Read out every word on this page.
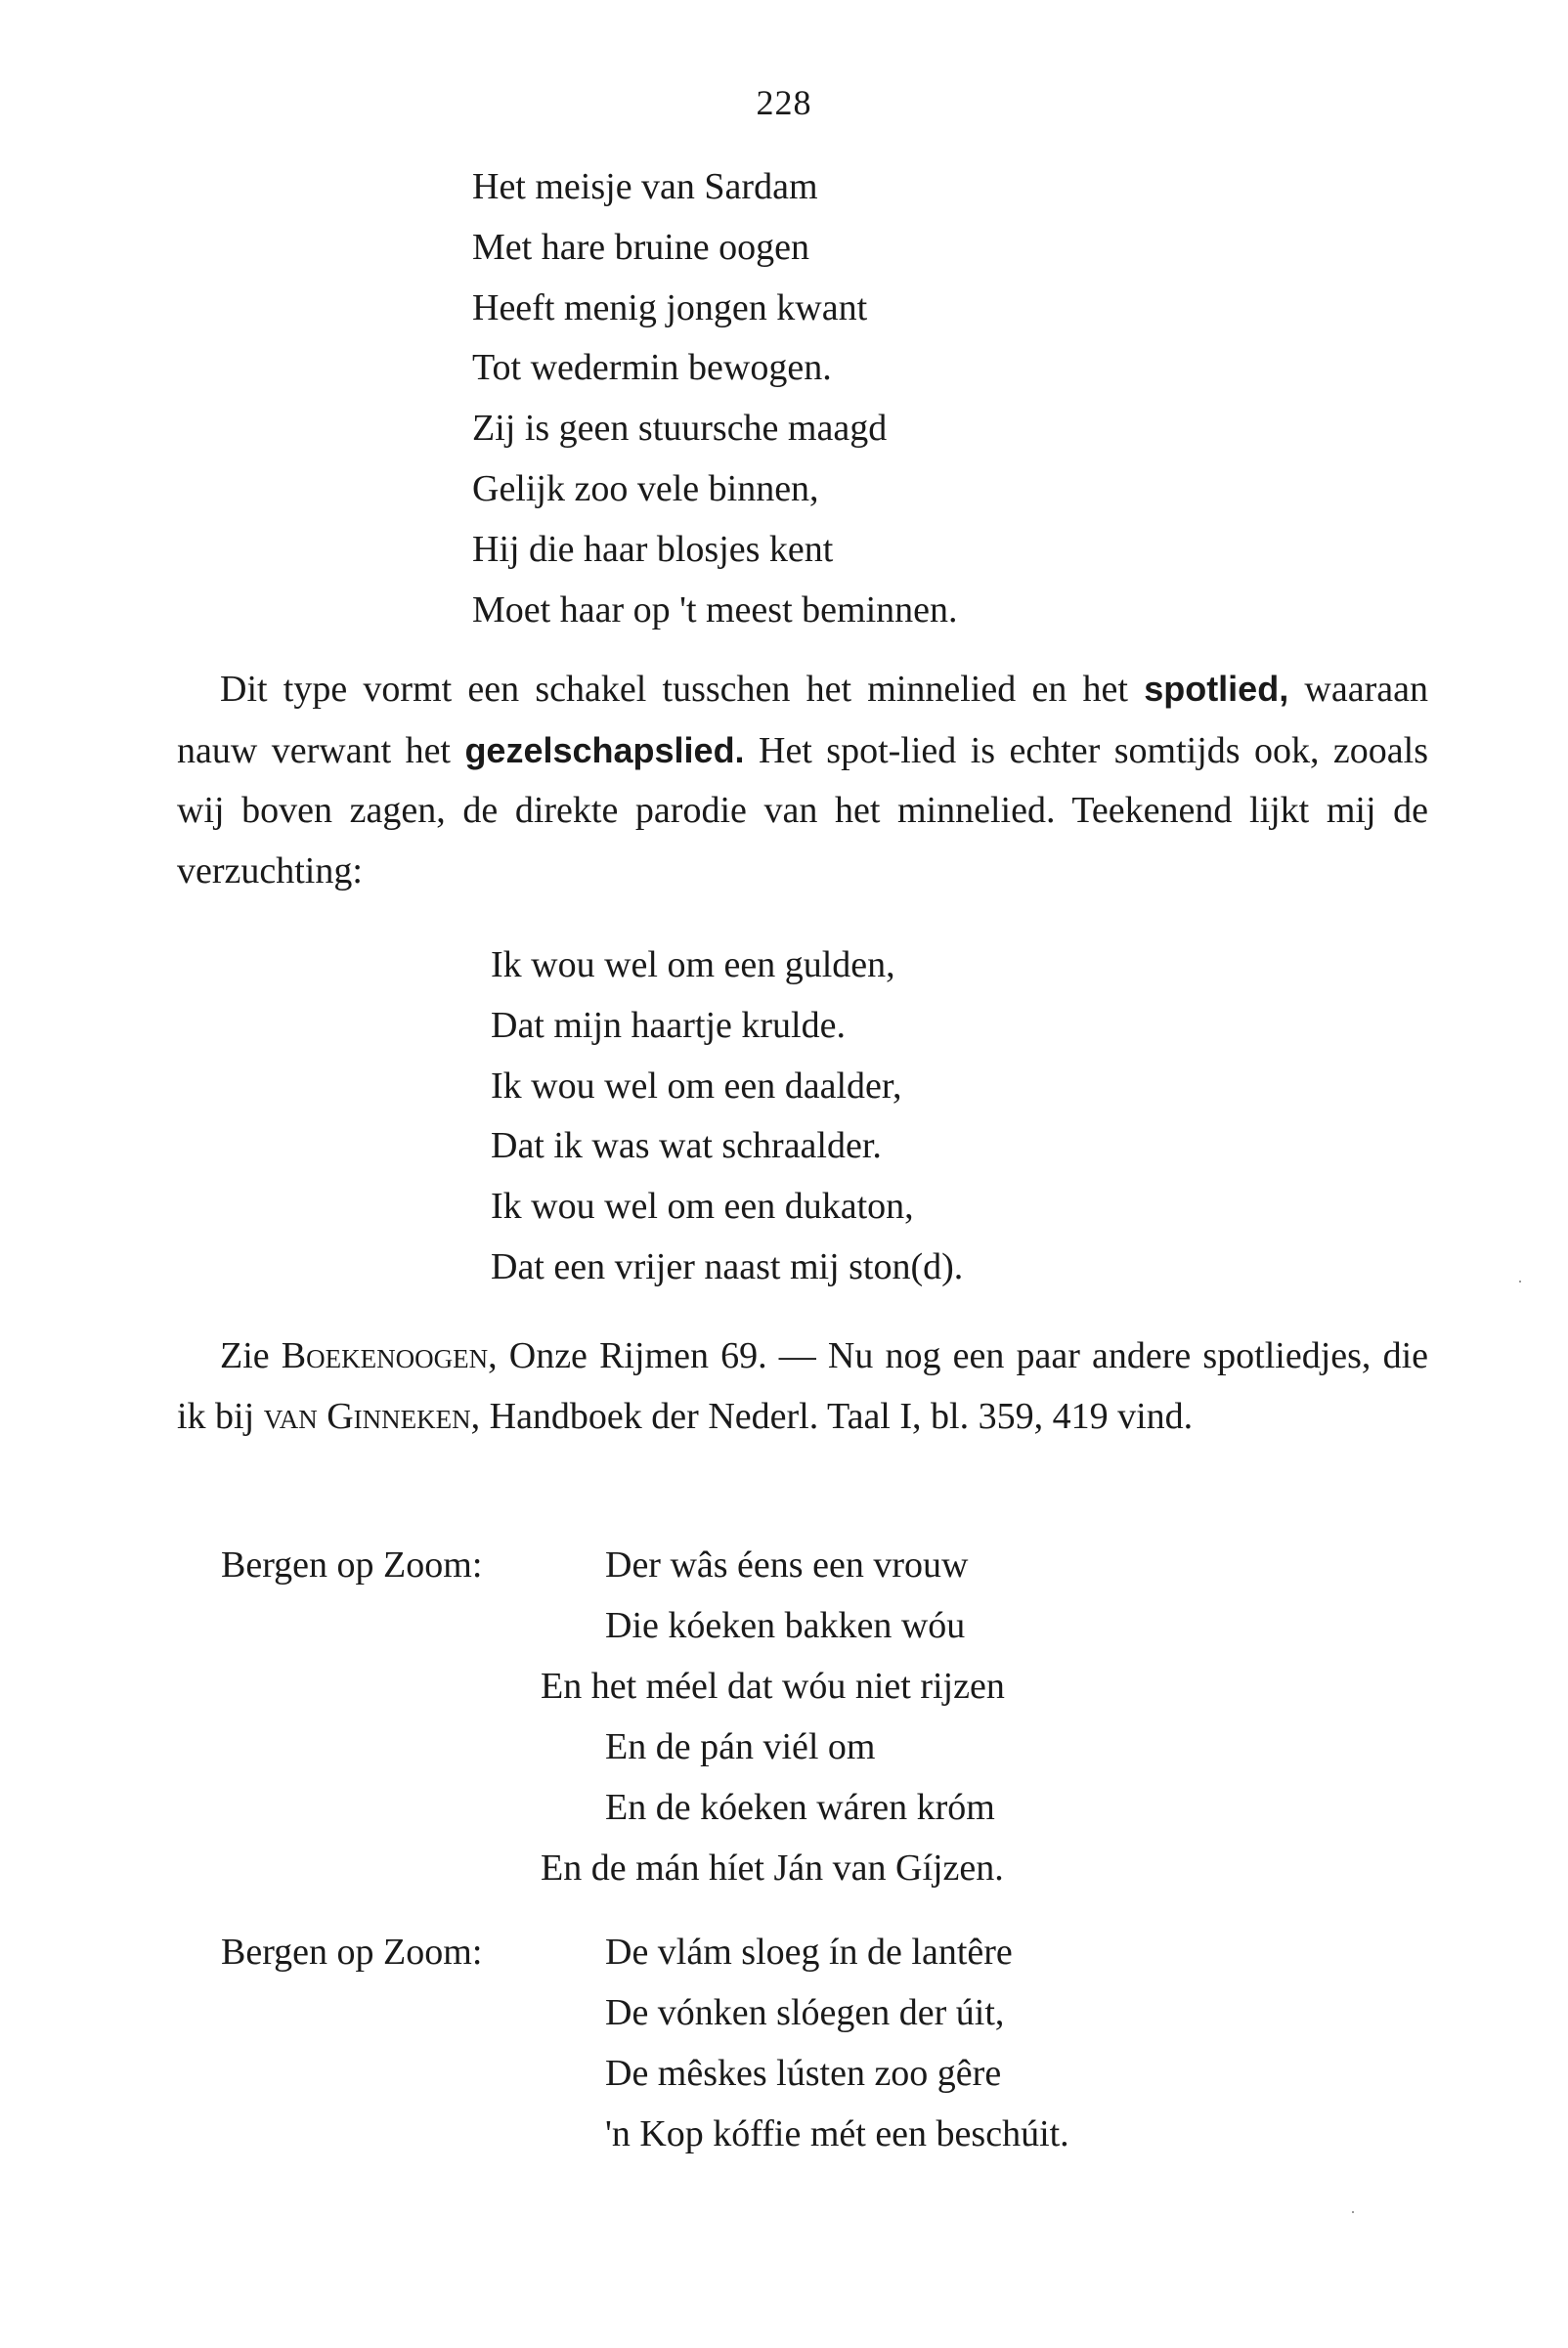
228
Het meisje van Sardam
Met hare bruine oogen
Heeft menig jongen kwant
Tot wedermin bewogen.
Zij is geen stuursche maagd
Gelijk zoo vele binnen,
Hij die haar blosjes kent
Moet haar op 't meest beminnen.
Dit type vormt een schakel tusschen het minnelied en het spotlied, waaraan nauw verwant het gezelschapslied. Het spot-lied is echter somtijds ook, zooals wij boven zagen, de direkte parodie van het minnelied. Teekenend lijkt mij de verzuchting:
Ik wou wel om een gulden,
Dat mijn haartje krulde.
Ik wou wel om een daalder,
Dat ik was wat schraalder.
Ik wou wel om een dukaton,
Dat een vrijer naast mij ston(d).
Zie Boekenoogen, Onze Rijmen 69. — Nu nog een paar andere spotliedjes, die ik bij van Ginneken, Handboek der Nederl. Taal I, bl. 359, 419 vind.
Bergen op Zoom:	Der wâs éens een vrouw
Die kóeken bakken wóu
En het méel dat wóu niet rijzen
En de pán viél om
En de kóeken wáren króm
En de mán híet Ján van Gíjzen.
Bergen op Zoom:	De vlám sloeg ín de lantêre
De vónken slóegen der úit,
De mêskes lústen zoo gêre
'n Kop kóffie mét een beschúit.
